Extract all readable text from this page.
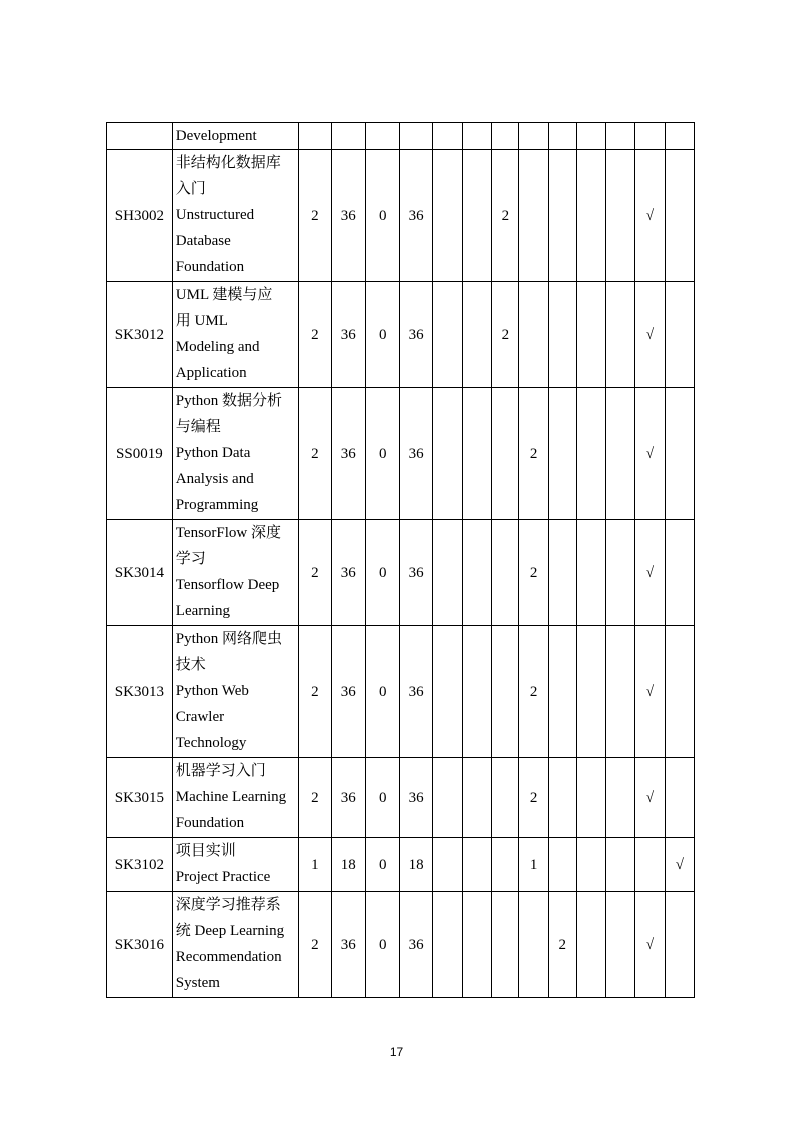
	Development													

SH3002	非结构化数据库
入门
Unstructured
Database
Foundation	2	36	0	36			2					√	
SK3012	UML 建模与应
用 UML
Modeling and
Application	2	36	0	36			2					√	
SS0019	Python 数据分析
与编程
Python Data
Analysis and
Programming	2	36	0	36				2				√	
SK3014	TensorFlow 深度
学习
Tensorflow Deep
Learning	2	36	0	36				2				√	
SK3013	Python 网络爬虫
技术
Python Web
Crawler
Technology	2	36	0	36				2				√	
SK3015	机器学习入门
Machine Learning
Foundation	2	36	0	36				2				√	
SK3102	项目实训
Project Practice	1	18	0	18				1					√
SK3016	深度学习推荐系
统 Deep Learning
Recommendation
System	2	36	0	36					2			√	
17
